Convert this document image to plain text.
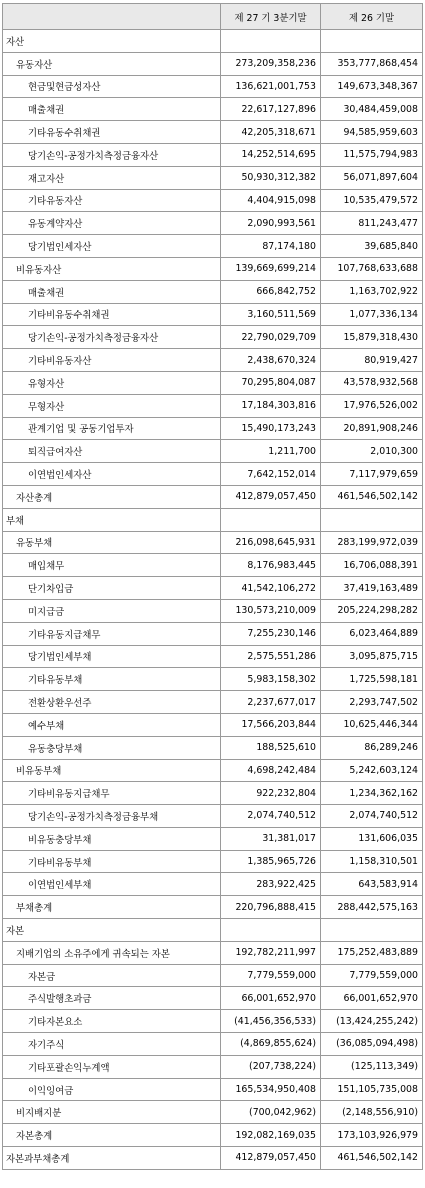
	제 27 기 3분기말	제 26 기말
자산		
유동자산	273,209,358,236	353,777,868,454
현금및현금성자산	136,621,001,753	149,673,348,367
매출채권	22,617,127,896	30,484,459,008
기타유동수취채권	42,205,318,671	94,585,959,603
당기손익-공정가치측정금융자산	14,252,514,695	11,575,794,983
재고자산	50,930,312,382	56,071,897,604
기타유동자산	4,404,915,098	10,535,479,572
유동계약자산	2,090,993,561	811,243,477
당기법인세자산	87,174,180	39,685,840
비유동자산	139,669,699,214	107,768,633,688
매출채권	666,842,752	1,163,702,922
기타비유동수취채권	3,160,511,569	1,077,336,134
당기손익-공정가치측정금융자산	22,790,029,709	15,879,318,430
기타비유동자산	2,438,670,324	80,919,427
유형자산	70,295,804,087	43,578,932,568
무형자산	17,184,303,816	17,976,526,002
관계기업 및 공동기업투자	15,490,173,243	20,891,908,246
퇴직급여자산	1,211,700	2,010,300
이연법인세자산	7,642,152,014	7,117,979,659
자산총계	412,879,057,450	461,546,502,142
부채		
유동부채	216,098,645,931	283,199,972,039
매입채무	8,176,983,445	16,706,088,391
단기차입금	41,542,106,272	37,419,163,489
미지급금	130,573,210,009	205,224,298,282
기타유동지급채무	7,255,230,146	6,023,464,889
당기법인세부채	2,575,551,286	3,095,875,715
기타유동부채	5,983,158,302	1,725,598,181
전환상환우선주	2,237,677,017	2,293,747,502
예수부채	17,566,203,844	10,625,446,344
유동충당부채	188,525,610	86,289,246
비유동부채	4,698,242,484	5,242,603,124
기타비유동지급채무	922,232,804	1,234,362,162
당기손익-공정가치측정금융부채	2,074,740,512	2,074,740,512
비유동충당부채	31,381,017	131,606,035
기타비유동부채	1,385,965,726	1,158,310,501
이연법인세부채	283,922,425	643,583,914
부채총계	220,796,888,415	288,442,575,163
자본		
지배기업의 소유주에게 귀속되는 자본	192,782,211,997	175,252,483,889
자본금	7,779,559,000	7,779,559,000
주식발행초과금	66,001,652,970	66,001,652,970
기타자본요소	(41,456,356,533)	(13,424,255,242)
자기주식	(4,869,855,624)	(36,085,094,498)
기타포괄손익누계액	(207,738,224)	(125,113,349)
이익잉여금	165,534,950,408	151,105,735,008
비지배지분	(700,042,962)	(2,148,556,910)
자본총계	192,082,169,035	173,103,926,979
자본과부채총계	412,879,057,450	461,546,502,142
